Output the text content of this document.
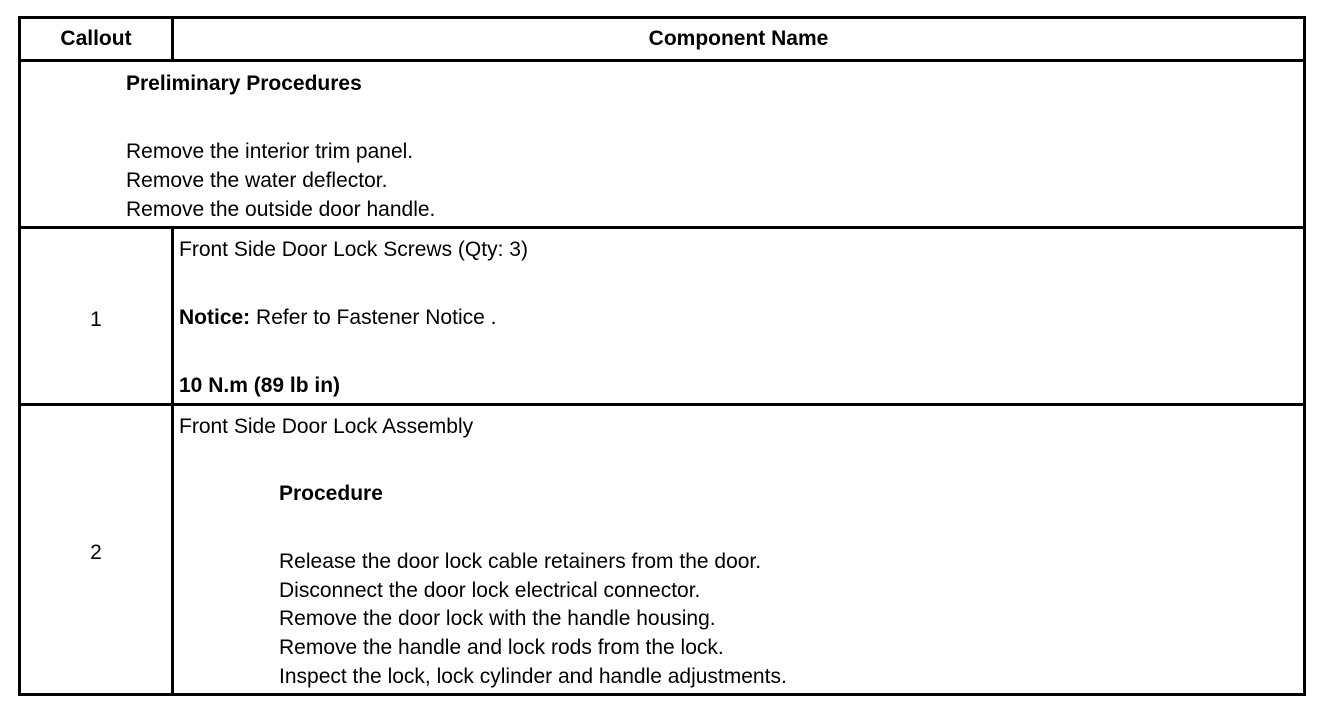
Callout	Component Name
Preliminary Procedures
Remove the interior trim panel.
Remove the water deflector.
Remove the outside door handle.
1
Front Side Door Lock Screws (Qty: 3)
Notice: Refer to Fastener Notice .
10 N.m (89 lb in)
2
Front Side Door Lock Assembly
Procedure
Release the door lock cable retainers from the door.
Disconnect the door lock electrical connector.
Remove the door lock with the handle housing.
Remove the handle and lock rods from the lock.
Inspect the lock, lock cylinder and handle adjustments.
